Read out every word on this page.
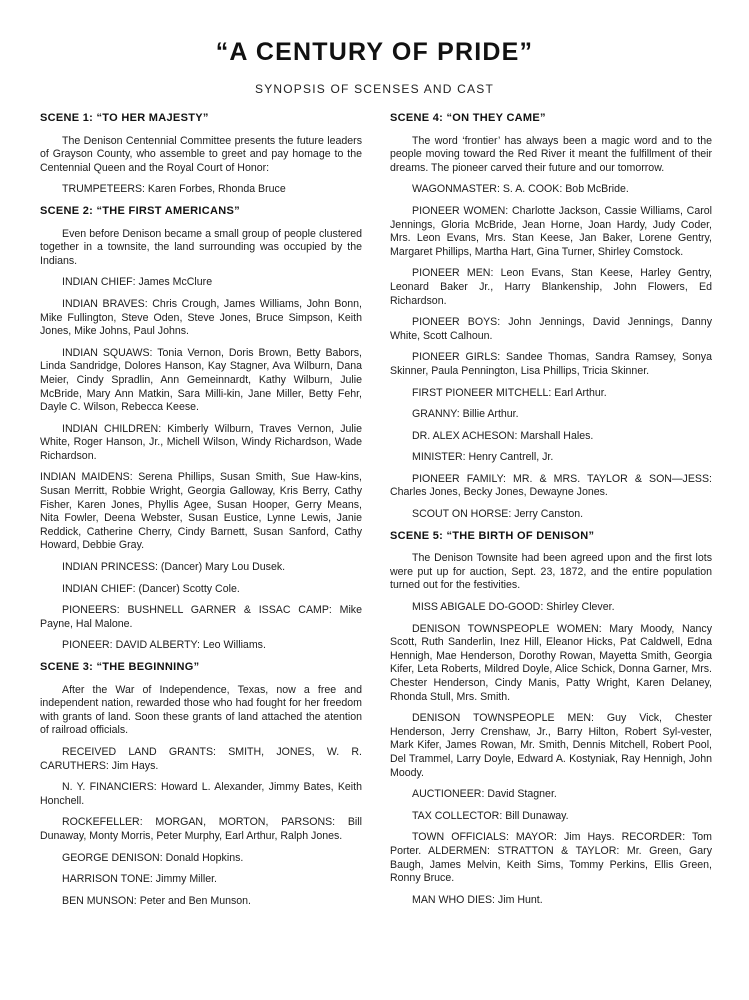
“A CENTURY OF PRIDE”
SYNOPSIS OF SCENSES AND CAST
SCENE 1: “TO HER MAJESTY”
The Denison Centennial Committee presents the future leaders of Grayson County, who assemble to greet and pay homage to the Centennial Queen and the Royal Court of Honor:
TRUMPETEERS: Karen Forbes, Rhonda Bruce
SCENE 2: “THE FIRST AMERICANS”
Even before Denison became a small group of people clustered together in a townsite, the land surrounding was occupied by the Indians.
INDIAN CHIEF: James McClure
INDIAN BRAVES: Chris Crough, James Williams, John Bonn, Mike Fullington, Steve Oden, Steve Jones, Bruce Simpson, Keith Jones, Mike Johns, Paul Johns.
INDIAN SQUAWS: Tonia Vernon, Doris Brown, Betty Babors, Linda Sandridge, Dolores Hanson, Kay Stagner, Ava Wilburn, Dana Meier, Cindy Spradlin, Ann Gemeinnardt, Kathy Wilburn, Julie McBride, Mary Ann Matkin, Sara Milli-kin, Jane Miller, Betty Fehr, Dayle C. Wilson, Rebecca Keese.
INDIAN CHILDREN: Kimberly Wilburn, Traves Vernon, Julie White, Roger Hanson, Jr., Michell Wilson, Windy Richardson, Wade Richardson.
INDIAN MAIDENS: Serena Phillips, Susan Smith, Sue Haw-kins, Susan Merritt, Robbie Wright, Georgia Galloway, Kris Berry, Cathy Fisher, Karen Jones, Phyllis Agee, Susan Hooper, Gerry Means, Nita Fowler, Deena Webster, Susan Eustice, Lynne Lewis, Janie Reddick, Catherine Cherry, Cindy Barnett, Susan Sanford, Cathy Howard, Debbie Gray.
INDIAN PRINCESS: (Dancer) Mary Lou Dusek.
INDIAN CHIEF: (Dancer) Scotty Cole.
PIONEERS: BUSHNELL GARNER & ISSAC CAMP: Mike Payne, Hal Malone.
PIONEER: DAVID ALBERTY: Leo Williams.
SCENE 3: “THE BEGINNING”
After the War of Independence, Texas, now a free and independent nation, rewarded those who had fought for her freedom with grants of land. Soon these grants of land attached the atention of railroad officials.
RECEIVED LAND GRANTS: SMITH, JONES, W. R. CARUTHERS: Jim Hays.
N. Y. FINANCIERS: Howard L. Alexander, Jimmy Bates, Keith Honchell.
ROCKEFELLER: MORGAN, MORTON, PARSONS: Bill Dunaway, Monty Morris, Peter Murphy, Earl Arthur, Ralph Jones.
GEORGE DENISON: Donald Hopkins.
HARRISON TONE: Jimmy Miller.
BEN MUNSON: Peter and Ben Munson.
SCENE 4: “ON THEY CAME”
The word ‘frontier’ has always been a magic word and to the people moving toward the Red River it meant the fulfillment of their dreams. The pioneer carved their future and our tomorrow.
WAGONMASTER: S. A. COOK: Bob McBride.
PIONEER WOMEN: Charlotte Jackson, Cassie Williams, Carol Jennings, Gloria McBride, Jean Horne, Joan Hardy, Judy Coder, Mrs. Leon Evans, Mrs. Stan Keese, Jan Baker, Lorene Gentry, Margaret Phillips, Martha Hart, Gina Turner, Shirley Comstock.
PIONEER MEN: Leon Evans, Stan Keese, Harley Gentry, Leonard Baker Jr., Harry Blankenship, John Flowers, Ed Richardson.
PIONEER BOYS: John Jennings, David Jennings, Danny White, Scott Calhoun.
PIONEER GIRLS: Sandee Thomas, Sandra Ramsey, Sonya Skinner, Paula Pennington, Lisa Phillips, Tricia Skinner.
FIRST PIONEER MITCHELL: Earl Arthur.
GRANNY: Billie Arthur.
DR. ALEX ACHESON: Marshall Hales.
MINISTER: Henry Cantrell, Jr.
PIONEER FAMILY: MR. & MRS. TAYLOR & SON—JESS: Charles Jones, Becky Jones, Dewayne Jones.
SCOUT ON HORSE: Jerry Canston.
SCENE 5: “THE BIRTH OF DENISON”
The Denison Townsite had been agreed upon and the first lots were put up for auction, Sept. 23, 1872, and the entire population turned out for the festivities.
MISS ABIGALE DO-GOOD: Shirley Clever.
DENISON TOWNSPEOPLE WOMEN: Mary Moody, Nancy Scott, Ruth Sanderlin, Inez Hill, Eleanor Hicks, Pat Caldwell, Edna Hennigh, Mae Henderson, Dorothy Rowan, Mayetta Smith, Georgia Kifer, Leta Roberts, Mildred Doyle, Alice Schick, Donna Garner, Mrs. Chester Henderson, Cindy Manis, Patty Wright, Karen Delaney, Rhonda Stull, Mrs. Smith.
DENISON TOWNSPEOPLE MEN: Guy Vick, Chester Henderson, Jerry Crenshaw, Jr., Barry Hilton, Robert Syl-vester, Mark Kifer, James Rowan, Mr. Smith, Dennis Mitchell, Robert Pool, Del Trammel, Larry Doyle, Edward A. Kostyniak, Ray Hennigh, John Moody.
AUCTIONEER: David Stagner.
TAX COLLECTOR: Bill Dunaway.
TOWN OFFICIALS: MAYOR: Jim Hays. RECORDER: Tom Porter. ALDERMEN: STRATTON & TAYLOR: Mr. Green, Gary Baugh, James Melvin, Keith Sims, Tommy Perkins, Ellis Green, Ronny Bruce.
MAN WHO DIES: Jim Hunt.
